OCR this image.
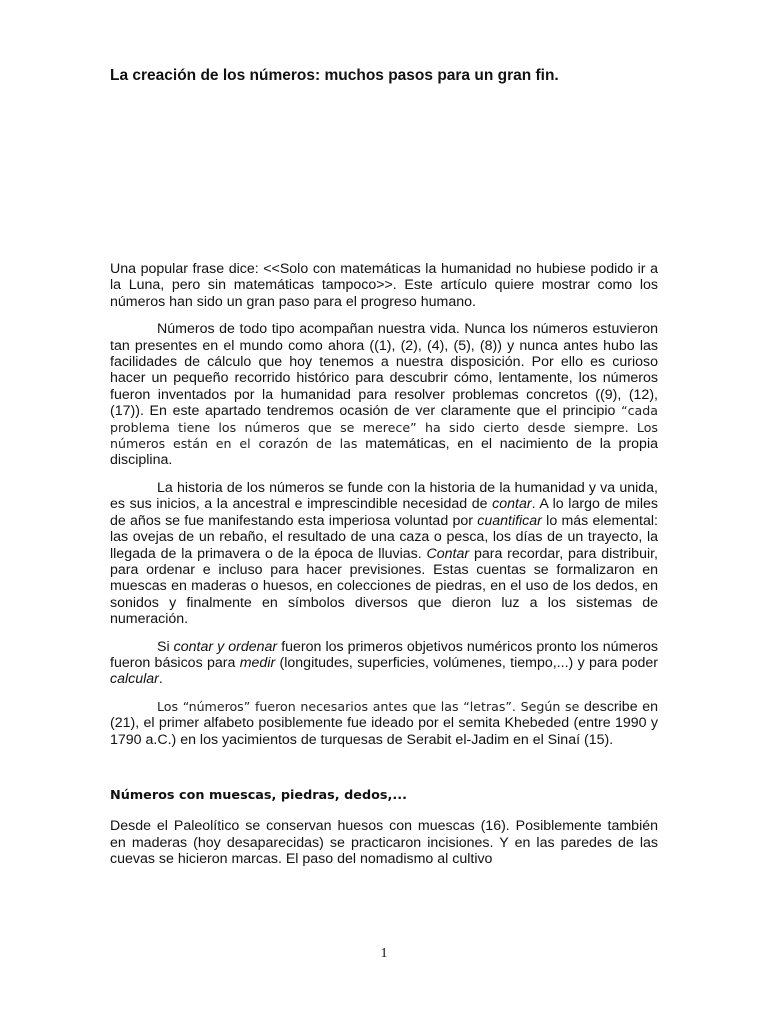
La creación de los números: muchos pasos para un gran fin.

Una popular frase dice: <<Solo con matemáticas la humanidad no hubiese podido ir a la Luna, pero sin matemáticas tampoco>>. Este artículo quiere mostrar como los números han sido un gran paso para el progreso humano.

Números de todo tipo acompañan nuestra vida. Nunca los números estuvieron tan presentes en el mundo como ahora ((1), (2), (4), (5), (8)) y nunca antes hubo las facilidades de cálculo que hoy tenemos a nuestra disposición. Por ello es curioso hacer un pequeño recorrido histórico para descubrir cómo, lentamente, los números fueron inventados por la humanidad para resolver problemas concretos ((9), (12), (17)). En este apartado tendremos ocasión de ver claramente que el principio “cada problema tiene los números que se merece” ha sido cierto desde siempre. Los números están en el corazón de las matemáticas, en el nacimiento de la propia disciplina.

La historia de los números se funde con la historia de la humanidad y va unida, es sus inicios, a la ancestral e imprescindible necesidad de contar. A lo largo de miles de años se fue manifestando esta imperiosa voluntad por cuantificar lo más elemental: las ovejas de un rebaño, el resultado de una caza o pesca, los días de un trayecto, la llegada de la primavera o de la época de lluvias. Contar para recordar, para distribuir, para ordenar e incluso para hacer previsiones. Estas cuentas se formalizaron en muescas en maderas o huesos, en colecciones de piedras, en el uso de los dedos, en sonidos y finalmente en símbolos diversos que dieron luz a los sistemas de numeración.

Si contar y ordenar fueron los primeros objetivos numéricos pronto los números fueron básicos para medir (longitudes, superficies, volúmenes, tiempo,...) y para poder calcular.

Los “números” fueron necesarios antes que las “letras”. Según se describe en (21), el primer alfabeto posiblemente fue ideado por el semita Khebeded (entre 1990 y 1790 a.C.) en los yacimientos de turquesas de Serabit el-Jadim en el Sinaí (15).

Números con muescas, piedras, dedos,...

Desde el Paleolítico se conservan huesos con muescas (16). Posiblemente también en maderas (hoy desaparecidas) se practicaron incisiones. Y en las paredes de las cuevas se hicieron marcas. El paso del nomadismo al cultivo

1
